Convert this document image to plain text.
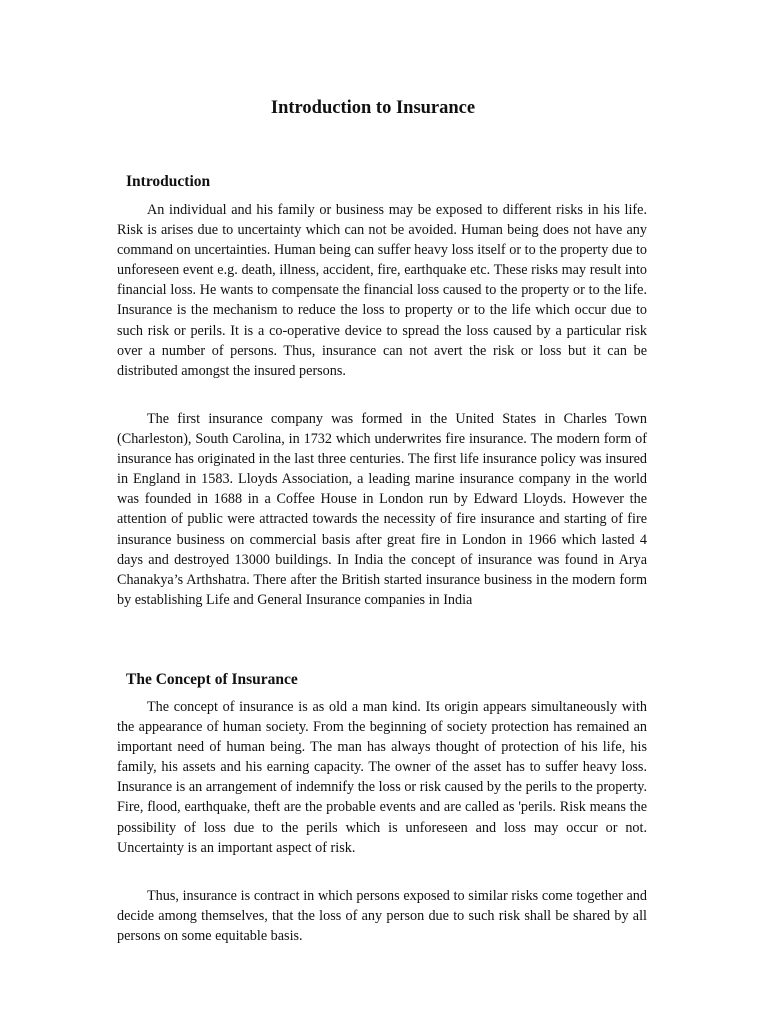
Introduction to Insurance
Introduction

An individual and his family or business may be exposed to different risks in his life. Risk is arises due to uncertainty which can not be avoided. Human being does not have any command on uncertainties. Human being can suffer heavy loss itself or to the property due to unforeseen event e.g. death, illness, accident, fire, earthquake etc. These risks may result into financial loss. He wants to compensate the financial loss caused to the property or to the life. Insurance is the mechanism to reduce the loss to property or to the life which occur due to such risk or perils. It is a co-operative device to spread the loss caused by a particular risk over a number of persons. Thus, insurance can not avert the risk or loss but it can be distributed amongst the insured persons.

The first insurance company was formed in the United States in Charles Town (Charleston), South Carolina, in 1732 which underwrites fire insurance. The modern form of insurance has originated in the last three centuries. The first life insurance policy was insured in England in 1583. Lloyds Association, a leading marine insurance company in the world was founded in 1688 in a Coffee House in London run by Edward Lloyds. However the attention of public were attracted towards the necessity of fire insurance and starting of fire insurance business on commercial basis after great fire in London in 1966 which lasted 4 days and destroyed 13000 buildings. In India the concept of insurance was found in Arya Chanakya’s Arthshatra. There after the British started insurance business in the modern form by establishing Life and General Insurance companies in India

The Concept of Insurance

The concept of insurance is as old a man kind. Its origin appears simultaneously with the appearance of human society. From the beginning of society protection has remained an important need of human being. The man has always thought of protection of his life, his family, his assets and his earning capacity. The owner of the asset has to suffer heavy loss. Insurance is an arrangement of indemnify the loss or risk caused by the perils to the property. Fire, flood, earthquake, theft are the probable events and are called as 'perils. Risk means the possibility of loss due to the perils which is unforeseen and loss may occur or not. Uncertainty is an important aspect of risk.

Thus, insurance is contract in which persons exposed to similar risks come together and decide among themselves, that the loss of any person due to such risk shall be shared by all persons on some equitable basis.
